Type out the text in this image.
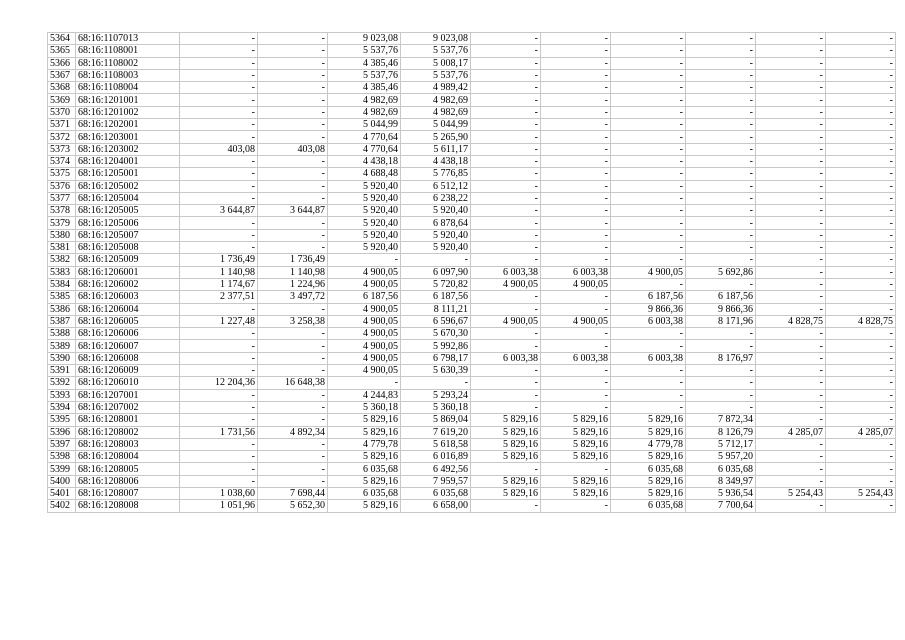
5364	68:16:1107013	-	-	9 023,08	9 023,08	-	-	-	-	-	-
5365	68:16:1108001	-	-	5 537,76	5 537,76	-	-	-	-	-	-
5366	68:16:1108002	-	-	4 385,46	5 008,17	-	-	-	-	-	-
5367	68:16:1108003	-	-	5 537,76	5 537,76	-	-	-	-	-	-
5368	68:16:1108004	-	-	4 385,46	4 989,42	-	-	-	-	-	-
5369	68:16:1201001	-	-	4 982,69	4 982,69	-	-	-	-	-	-
5370	68:16:1201002	-	-	4 982,69	4 982,69	-	-	-	-	-	-
5371	68:16:1202001	-	-	5 044,99	5 044,99	-	-	-	-	-	-
5372	68:16:1203001	-	-	4 770,64	5 265,90	-	-	-	-	-	-
5373	68:16:1203002	403,08	403,08	4 770,64	5 611,17	-	-	-	-	-	-
5374	68:16:1204001	-	-	4 438,18	4 438,18	-	-	-	-	-	-
5375	68:16:1205001	-	-	4 688,48	5 776,85	-	-	-	-	-	-
5376	68:16:1205002	-	-	5 920,40	6 512,12	-	-	-	-	-	-
5377	68:16:1205004	-	-	5 920,40	6 238,22	-	-	-	-	-	-
5378	68:16:1205005	3 644,87	3 644,87	5 920,40	5 920,40	-	-	-	-	-	-
5379	68:16:1205006	-	-	5 920,40	6 878,64	-	-	-	-	-	-
5380	68:16:1205007	-	-	5 920,40	5 920,40	-	-	-	-	-	-
5381	68:16:1205008	-	-	5 920,40	5 920,40	-	-	-	-	-	-
5382	68:16:1205009	1 736,49	1 736,49	-	-	-	-	-	-	-	-
5383	68:16:1206001	1 140,98	1 140,98	4 900,05	6 097,90	6 003,38	6 003,38	4 900,05	5 692,86	-	-
5384	68:16:1206002	1 174,67	1 224,96	4 900,05	5 720,82	4 900,05	4 900,05	-	-	-	-
5385	68:16:1206003	2 377,51	3 497,72	6 187,56	6 187,56	-	-	6 187,56	6 187,56	-	-
5386	68:16:1206004	-	-	4 900,05	8 111,21	-	-	9 866,36	9 866,36	-	-
5387	68:16:1206005	1 227,48	3 258,38	4 900,05	6 596,67	4 900,05	4 900,05	6 003,38	8 171,96	4 828,75	4 828,75
5388	68:16:1206006	-	-	4 900,05	5 670,30	-	-	-	-	-	-
5389	68:16:1206007	-	-	4 900,05	5 992,86	-	-	-	-	-	-
5390	68:16:1206008	-	-	4 900,05	6 798,17	6 003,38	6 003,38	6 003,38	8 176,97	-	-
5391	68:16:1206009	-	-	4 900,05	5 630,39	-	-	-	-	-	-
5392	68:16:1206010	12 204,36	16 648,38	-	-	-	-	-	-	-	-
5393	68:16:1207001	-	-	4 244,83	5 293,24	-	-	-	-	-	-
5394	68:16:1207002	-	-	5 360,18	5 360,18	-	-	-	-	-	-
5395	68:16:1208001	-	-	5 829,16	5 869,04	5 829,16	5 829,16	5 829,16	7 872,34	-	-
5396	68:16:1208002	1 731,56	4 892,34	5 829,16	7 619,20	5 829,16	5 829,16	5 829,16	8 126,79	4 285,07	4 285,07
5397	68:16:1208003	-	-	4 779,78	5 618,58	5 829,16	5 829,16	4 779,78	5 712,17	-	-
5398	68:16:1208004	-	-	5 829,16	6 016,89	5 829,16	5 829,16	5 829,16	5 957,20	-	-
5399	68:16:1208005	-	-	6 035,68	6 492,56	-	-	6 035,68	6 035,68	-	-
5400	68:16:1208006	-	-	5 829,16	7 959,57	5 829,16	5 829,16	5 829,16	8 349,97	-	-
5401	68:16:1208007	1 038,60	7 698,44	6 035,68	6 035,68	5 829,16	5 829,16	5 829,16	5 936,54	5 254,43	5 254,43
5402	68:16:1208008	1 051,96	5 652,30	5 829,16	6 658,00	-	-	6 035,68	7 700,64	-	-
